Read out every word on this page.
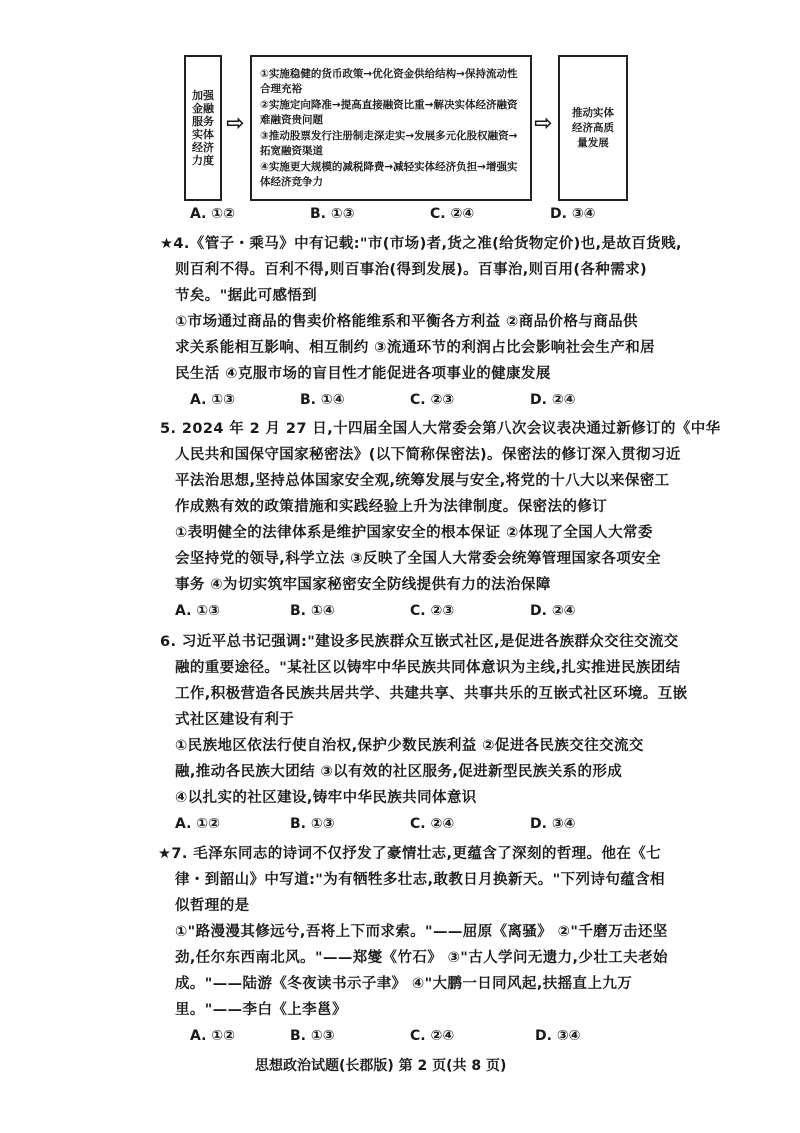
加强金融服务实体经济力度
⇨
①实施稳健的货币政策→优化资金供给结构→保持流动性合理充裕
②实施定向降准→提高直接融资比重→解决实体经济融资难融资贵问题
③推动股票发行注册制走深走实→发展多元化股权融资→拓宽融资渠道
④实施更大规模的减税降费→减轻实体经济负担→增强实体经济竞争力
⇨	推动实体经济高质量发展
A. ①②	B. ①③	C. ②④	D. ③④
★4.《管子・乘马》中有记载:"市(市场)者,货之准(给货物定价)也,是故百货贱,
则百利不得。百利不得,则百事治(得到发展)。百事治,则百用(各种需求)
节矣。"据此可感悟到
①市场通过商品的售卖价格能维系和平衡各方利益 ②商品价格与商品供
求关系能相互影响、相互制约 ③流通环节的利润占比会影响社会生产和居
民生活 ④克服市场的盲目性才能促进各项事业的健康发展
A. ①③	B. ①④	C. ②③	D. ②④
5. 2024 年 2 月 27 日,十四届全国人大常委会第八次会议表决通过新修订的《中华
人民共和国保守国家秘密法》(以下简称保密法)。保密法的修订深入贯彻习近
平法治思想,坚持总体国家安全观,统筹发展与安全,将党的十八大以来保密工
作成熟有效的政策措施和实践经验上升为法律制度。保密法的修订
①表明健全的法律体系是维护国家安全的根本保证 ②体现了全国人大常委
会坚持党的领导,科学立法 ③反映了全国人大常委会统筹管理国家各项安全
事务 ④为切实筑牢国家秘密安全防线提供有力的法治保障
A. ①③	B. ①④	C. ②③	D. ②④
6. 习近平总书记强调:"建设多民族群众互嵌式社区,是促进各族群众交往交流交
融的重要途径。"某社区以铸牢中华民族共同体意识为主线,扎实推进民族团结
工作,积极营造各民族共居共学、共建共享、共事共乐的互嵌式社区环境。互嵌
式社区建设有利于
①民族地区依法行使自治权,保护少数民族利益 ②促进各民族交往交流交
融,推动各民族大团结 ③以有效的社区服务,促进新型民族关系的形成
④以扎实的社区建设,铸牢中华民族共同体意识
A. ①②	B. ①③	C. ②④	D. ③④
★7. 毛泽东同志的诗词不仅抒发了豪情壮志,更蕴含了深刻的哲理。他在《七
律・到韶山》中写道:"为有牺牲多壮志,敢教日月换新天。"下列诗句蕴含相
似哲理的是
①"路漫漫其修远兮,吾将上下而求索。"——屈原《离骚》 ②"千磨万击还坚
劲,任尔东西南北风。"——郑燮《竹石》 ③"古人学问无遗力,少壮工夫老始
成。"——陆游《冬夜读书示子聿》 ④"大鹏一日同风起,扶摇直上九万
里。"——李白《上李邕》
A. ①②	B. ①③	C. ②④	D. ③④
思想政治试题(长郡版) 第 2 页(共 8 页)
